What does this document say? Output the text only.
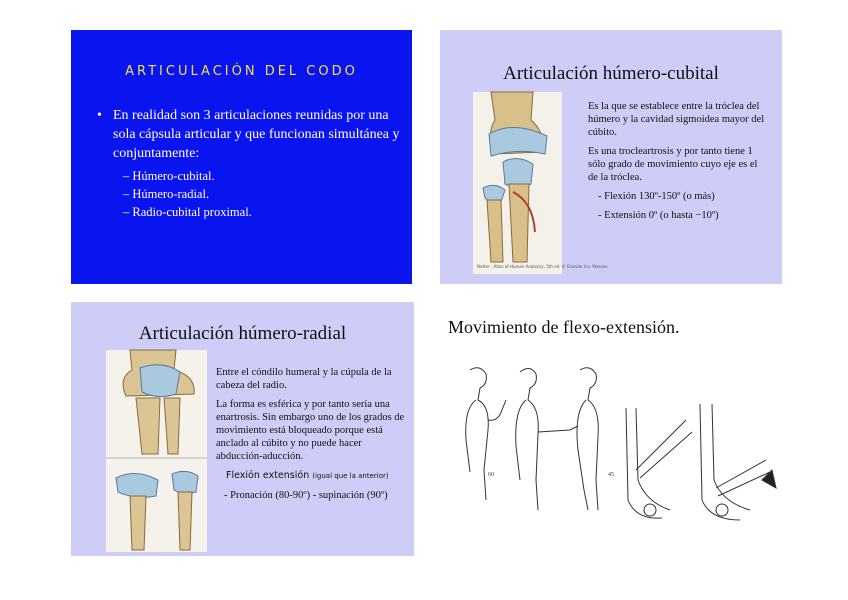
ARTICULACIÓN DEL CODO
• En realidad son 3 articulaciones reunidas por una sola cápsula articular y que funcionan simultánea y conjuntamente:
– Húmero-cubital.
– Húmero-radial.
– Radio-cubital proximal.
Articulación húmero-cubital
Netter - Atlas of Human Anatomy, 5th ed. © Elsevier Inc. Masson

Es la que se establece entre la tróclea del húmero y la cavidad sigmoidea mayor del cúbito.

Es una trocleartrosis y por tanto tiene 1 sólo grado de movimiento cuyo eje es el de la tróclea.

- Flexión 130º-150º (o más)

- Extensión 0º (o hasta −10º)

Articulación húmero-radial

Entre el cóndilo humeral y la cúpula de la cabeza del radio.

La forma es esférica y por tanto sería una enartrosis. Sin embargo uno de los grados de movimiento está bloqueado porque está anclado al cúbito y no puede hacer abducción-aducción.

Flexión extensión (igual que la anterior)

- Pronación (80-90º) - supinación (90º)

Movimiento de flexo-extensión.
60	45
